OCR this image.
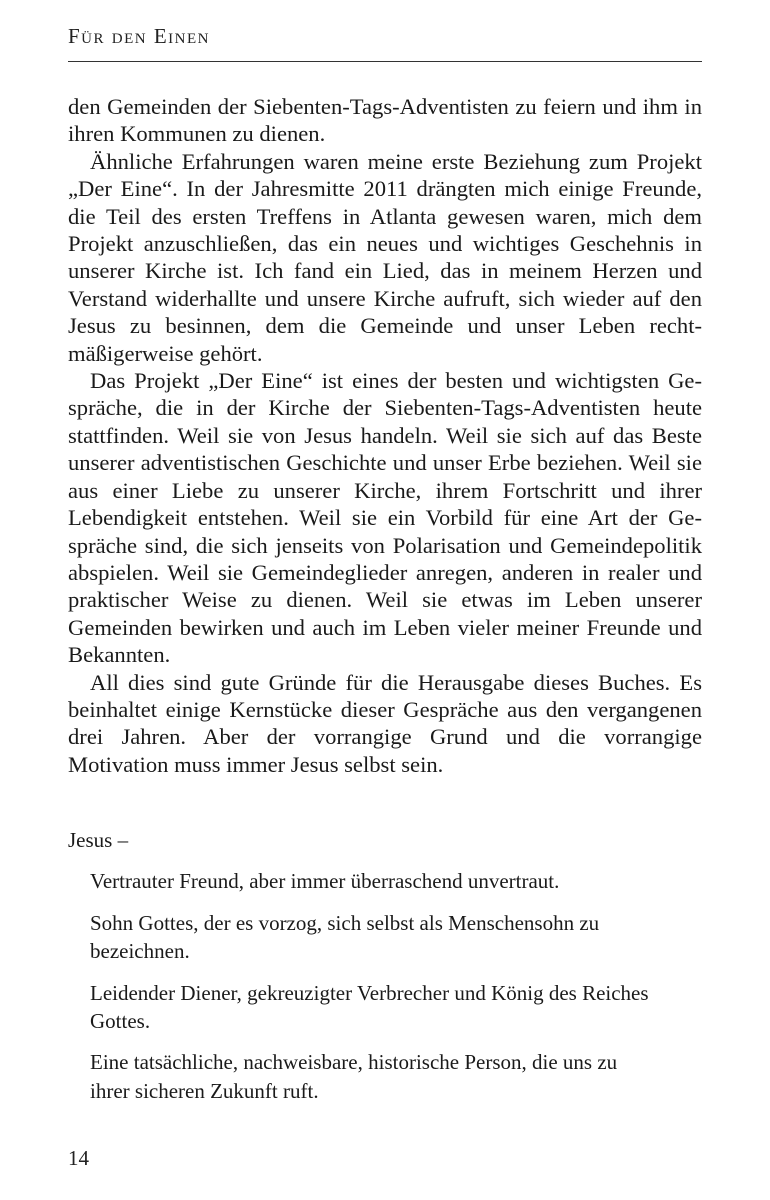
Für den Einen

den Gemeinden der Siebenten-Tags-Adventisten zu feiern und ihm in ihren Kommunen zu dienen.

Ähnliche Erfahrungen waren meine erste Beziehung zum Projekt „Der Eine“. In der Jahresmitte 2011 drängten mich einige Freunde, die Teil des ersten Treffens in Atlanta gewesen waren, mich dem Projekt anzuschließen, das ein neues und wichtiges Geschehnis in unserer Kirche ist. Ich fand ein Lied, das in meinem Herzen und Verstand widerhallte und unsere Kirche aufruft, sich wieder auf den Jesus zu besinnen, dem die Gemeinde und unser Leben rechtmäßigerweise gehört.

Das Projekt „Der Eine“ ist eines der besten und wichtigsten Gespräche, die in der Kirche der Siebenten-Tags-Adventisten heute stattfinden. Weil sie von Jesus handeln. Weil sie sich auf das Beste unserer adventistischen Geschichte und unser Erbe beziehen. Weil sie aus einer Liebe zu unserer Kirche, ihrem Fortschritt und ihrer Lebendigkeit entstehen. Weil sie ein Vorbild für eine Art der Gespräche sind, die sich jenseits von Polarisation und Gemeindepolitik abspielen. Weil sie Gemeindeglieder anregen, anderen in realer und praktischer Weise zu dienen. Weil sie etwas im Leben unserer Gemeinden bewirken und auch im Leben vieler meiner Freunde und Bekannten.

All dies sind gute Gründe für die Herausgabe dieses Buches. Es beinhaltet einige Kernstücke dieser Gespräche aus den vergangenen drei Jahren. Aber der vorrangige Grund und die vorrangige Motivation muss immer Jesus selbst sein.

Jesus –

Vertrauter Freund, aber immer überraschend unvertraut.

Sohn Gottes, der es vorzog, sich selbst als Menschensohn zu bezeichnen.

Leidender Diener, gekreuzigter Verbrecher und König des Reiches Gottes.

Eine tatsächliche, nachweisbare, historische Person, die uns zu ihrer sicheren Zukunft ruft.

14
